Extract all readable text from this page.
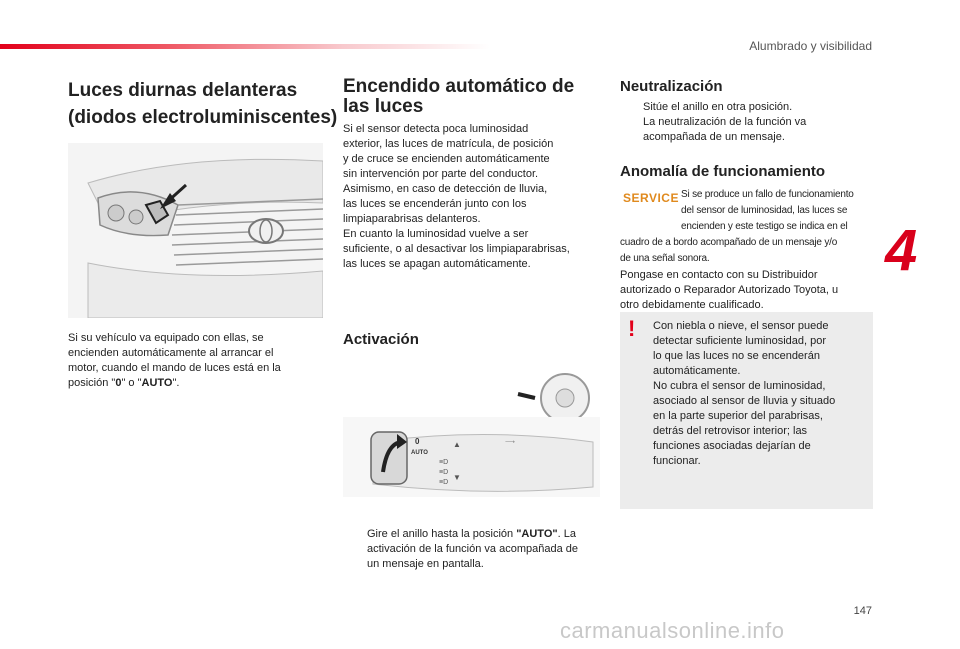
Alumbrado y visibilidad
4
147
Luces diurnas delanteras
(diodos electroluminiscentes)
Si su vehículo va equipado con ellas, se
encienden automáticamente al arrancar el
motor, cuando el mando de luces está en la
posición "0" o "AUTO".
Encendido automático de
las luces
Si el sensor detecta poca luminosidad
exterior, las luces de matrícula, de posición
y de cruce se encienden automáticamente
sin intervención por parte del conductor.
Asimismo, en caso de detección de lluvia,
las luces se encenderán junto con los
limpiaparabrisas delanteros.
En cuanto la luminosidad vuelve a ser
suficiente, o al desactivar los limpiaparabrisas,
las luces se apagan automáticamente.
Activación
≡D
≡D
≡D
▲
▼
0
AUTO
⟶
Gire el anillo hasta la posición "AUTO". La
activación de la función va acompañada de
un mensaje en pantalla.
Neutralización
Sitúe el anillo en otra posición.
La neutralización de la función va
acompañada de un mensaje.
Anomalía de funcionamiento
SERVICE Si se produce un fallo de funcionamiento
del sensor de luminosidad, las luces se
encienden y este testigo se indica en el
cuadro de a bordo acompañado de un mensaje y/o
de una señal sonora.
Pongase en contacto con su Distribuidor
autorizado o Reparador Autorizado Toyota, u
otro debidamente cualificado.
! Con niebla o nieve, el sensor puede
detectar suficiente luminosidad, por
lo que las luces no se encenderán
automáticamente.
No cubra el sensor de luminosidad,
asociado al sensor de lluvia y situado
en la parte superior del parabrisas,
detrás del retrovisor interior; las
funciones asociadas dejarían de
funcionar.
carmanualsonline.info
